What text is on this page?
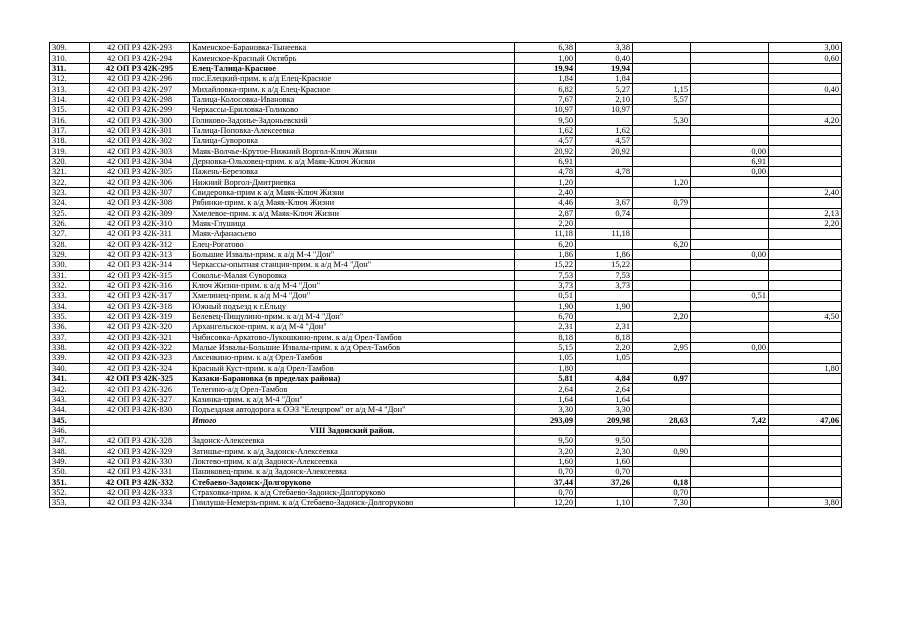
309.	42 ОП РЗ 42К-293	Каменское-Барановка-Тынеевка	6,38	3,38			3,00
310.	42 ОП РЗ 42К-294	Каменское-Красный Октябрь	1,00	0,40			0,60
311.	42 ОП РЗ 42К-295	Елец-Талица-Красное	19,94	19,94			
312.	42 ОП РЗ 42К-296	пос.Елецкий-прим. к а/д Елец-Красное	1,84	1,84			
313.	42 ОП РЗ 42К-297	Михайловка-прим. к а/д Елец-Красное	6,82	5,27	1,15		0,40
314.	42 ОП РЗ 42К-298	Талица-Колосовка-Ивановка	7,67	2,10	5,57		
315.	42 ОП РЗ 42К-299	Черкассы-Ериловка-Голиково	10,97	10,97			
316.	42 ОП РЗ 42К-300	Голиково-Задонье-Задоньевский	9,50		5,30		4,20
317.	42 ОП РЗ 42К-301	Талица-Поповка-Алексеевка	1,62	1,62			
318.	42 ОП РЗ 42К-302	Талица-Суворовка	4,57	4,57			
319.	42 ОП РЗ 42К-303	Маяк-Волчье-Крутое-Нижний Воргол-Ключ Жизни	20,92	20,92		0,00	
320.	42 ОП РЗ 42К-304	Дерновка-Ольховец-прим. к а/д Маяк-Ключ Жизни	6,91			6,91	
321.	42 ОП РЗ 42К-305	Пажень-Березовка	4,78	4,78		0,00	
322.	42 ОП РЗ 42К-306	Нижний Воргол-Дмитриевка	1,20		1,20		
323.	42 ОП РЗ 42К-307	Свидеровка-прим к а/д Маяк-Ключ Жизни	2,40				2,40
324.	42 ОП РЗ 42К-308	Рябинки-прим. к а/д Маяк-Ключ Жизни	4,46	3,67	0,79		
325.	42 ОП РЗ 42К-309	Хмелевое-прим. к а/д Маяк-Ключ Жизни	2,87	0,74			2,13
326.	42 ОП РЗ 42К-310	Маяк-Глушица	2,20				2,20
327.	42 ОП РЗ 42К-311	Маяк-Афанасьево	11,18	11,18			
328.	42 ОП РЗ 42К-312	Елец-Рогатово	6,20		6,20		
329.	42 ОП РЗ 42К-313	Большие Извалы-прим. к а/д М-4 "Дон"	1,86	1,86		0,00	
330.	42 ОП РЗ 42К-314	Черкассы-опытная станция-прим. к а/д М-4 "Дон"	15,22	15,22			
331.	42 ОП РЗ 42К-315	Сокольє-Малая Суворовка	7,53	7,53			
332.	42 ОП РЗ 42К-316	Ключ Жизни-прим. к а/д М-4 "Дон"	3,73	3,73			
333.	42 ОП РЗ 42К-317	Хмелинец-прим. к а/д М-4 "Дон"	0,51			0,51	
334.	42 ОП РЗ 42К-318	Южный подъезд к г.Ельцу	1,90	1,90			
335.	42 ОП РЗ 42К-319	Белевец-Пищулино-прим. к а/д М-4 "Дон"	6,70		2,20		4,50
336.	42 ОП РЗ 42К-320	Архангельское-прим. к а/д М-4 "Дон"	2,31	2,31			
337.	42 ОП РЗ 42К-321	Чибисовка-Аркатово-Лукошкино-прим. к а/д Орел-Тамбов	8,18	8,18			
338.	42 ОП РЗ 42К-322	Малые Извалы-Большие Извалы-прим. к а/д Орел-Тамбов	5,15	2,20	2,95	0,00	
339.	42 ОП РЗ 42К-323	Аксенкино-прим. к а/д Орел-Тамбов	1,05	1,05			
340.	42 ОП РЗ 42К-324	Красный Куст-прим. к а/д Орел-Тамбов	1,80				1,80
341.	42 ОП РЗ 42К-325	Казаки-Барановка (в пределах района)	5,81	4,84	0,97		
342.	42 ОП РЗ 42К-326	Телегино-а/д Орел-Тамбов	2,64	2,64			
343.	42 ОП РЗ 42К-327	Казинка-прим. к а/д М-4 "Дон"	1,64	1,64			
344.	42 ОП РЗ 42К-830	Подъездная автодорога к ОЭЗ "Елецпром" от а/д М-4 "Дон"	3,30	3,30			
345.		Итого	293,09	209,98	28,63	7,42	47,06
346.		VIII Задонский район.					
347.	42 ОП РЗ 42К-328	Задонск-Алексеевка	9,50	9,50			
348.	42 ОП РЗ 42К-329	Затишье-прим. к а/д Задонск-Алексеевка	3,20	2,30	0,90		
349.	42 ОП РЗ 42К-330	Локтево-прим. к а/д Задонск-Алексеевка	1,60	1,60			
350.	42 ОП РЗ 42К-331	Паниковец-прим. к а/д Задонск-Алексеевка	0,70	0,70			
351.	42 ОП РЗ 42К-332	Стебаево-Задонск-Долгоруково	37,44	37,26	0,18		
352.	42 ОП РЗ 42К-333	Страховка-прим. к а/д Стебаево-Задонск-Долгоруково	0,70		0,70		
353.	42 ОП РЗ 42К-334	Гнилуша-Немерзь-прим. к а/д Стебаево-Задонск-Долгоруково	12,20	1,10	7,30		3,80
